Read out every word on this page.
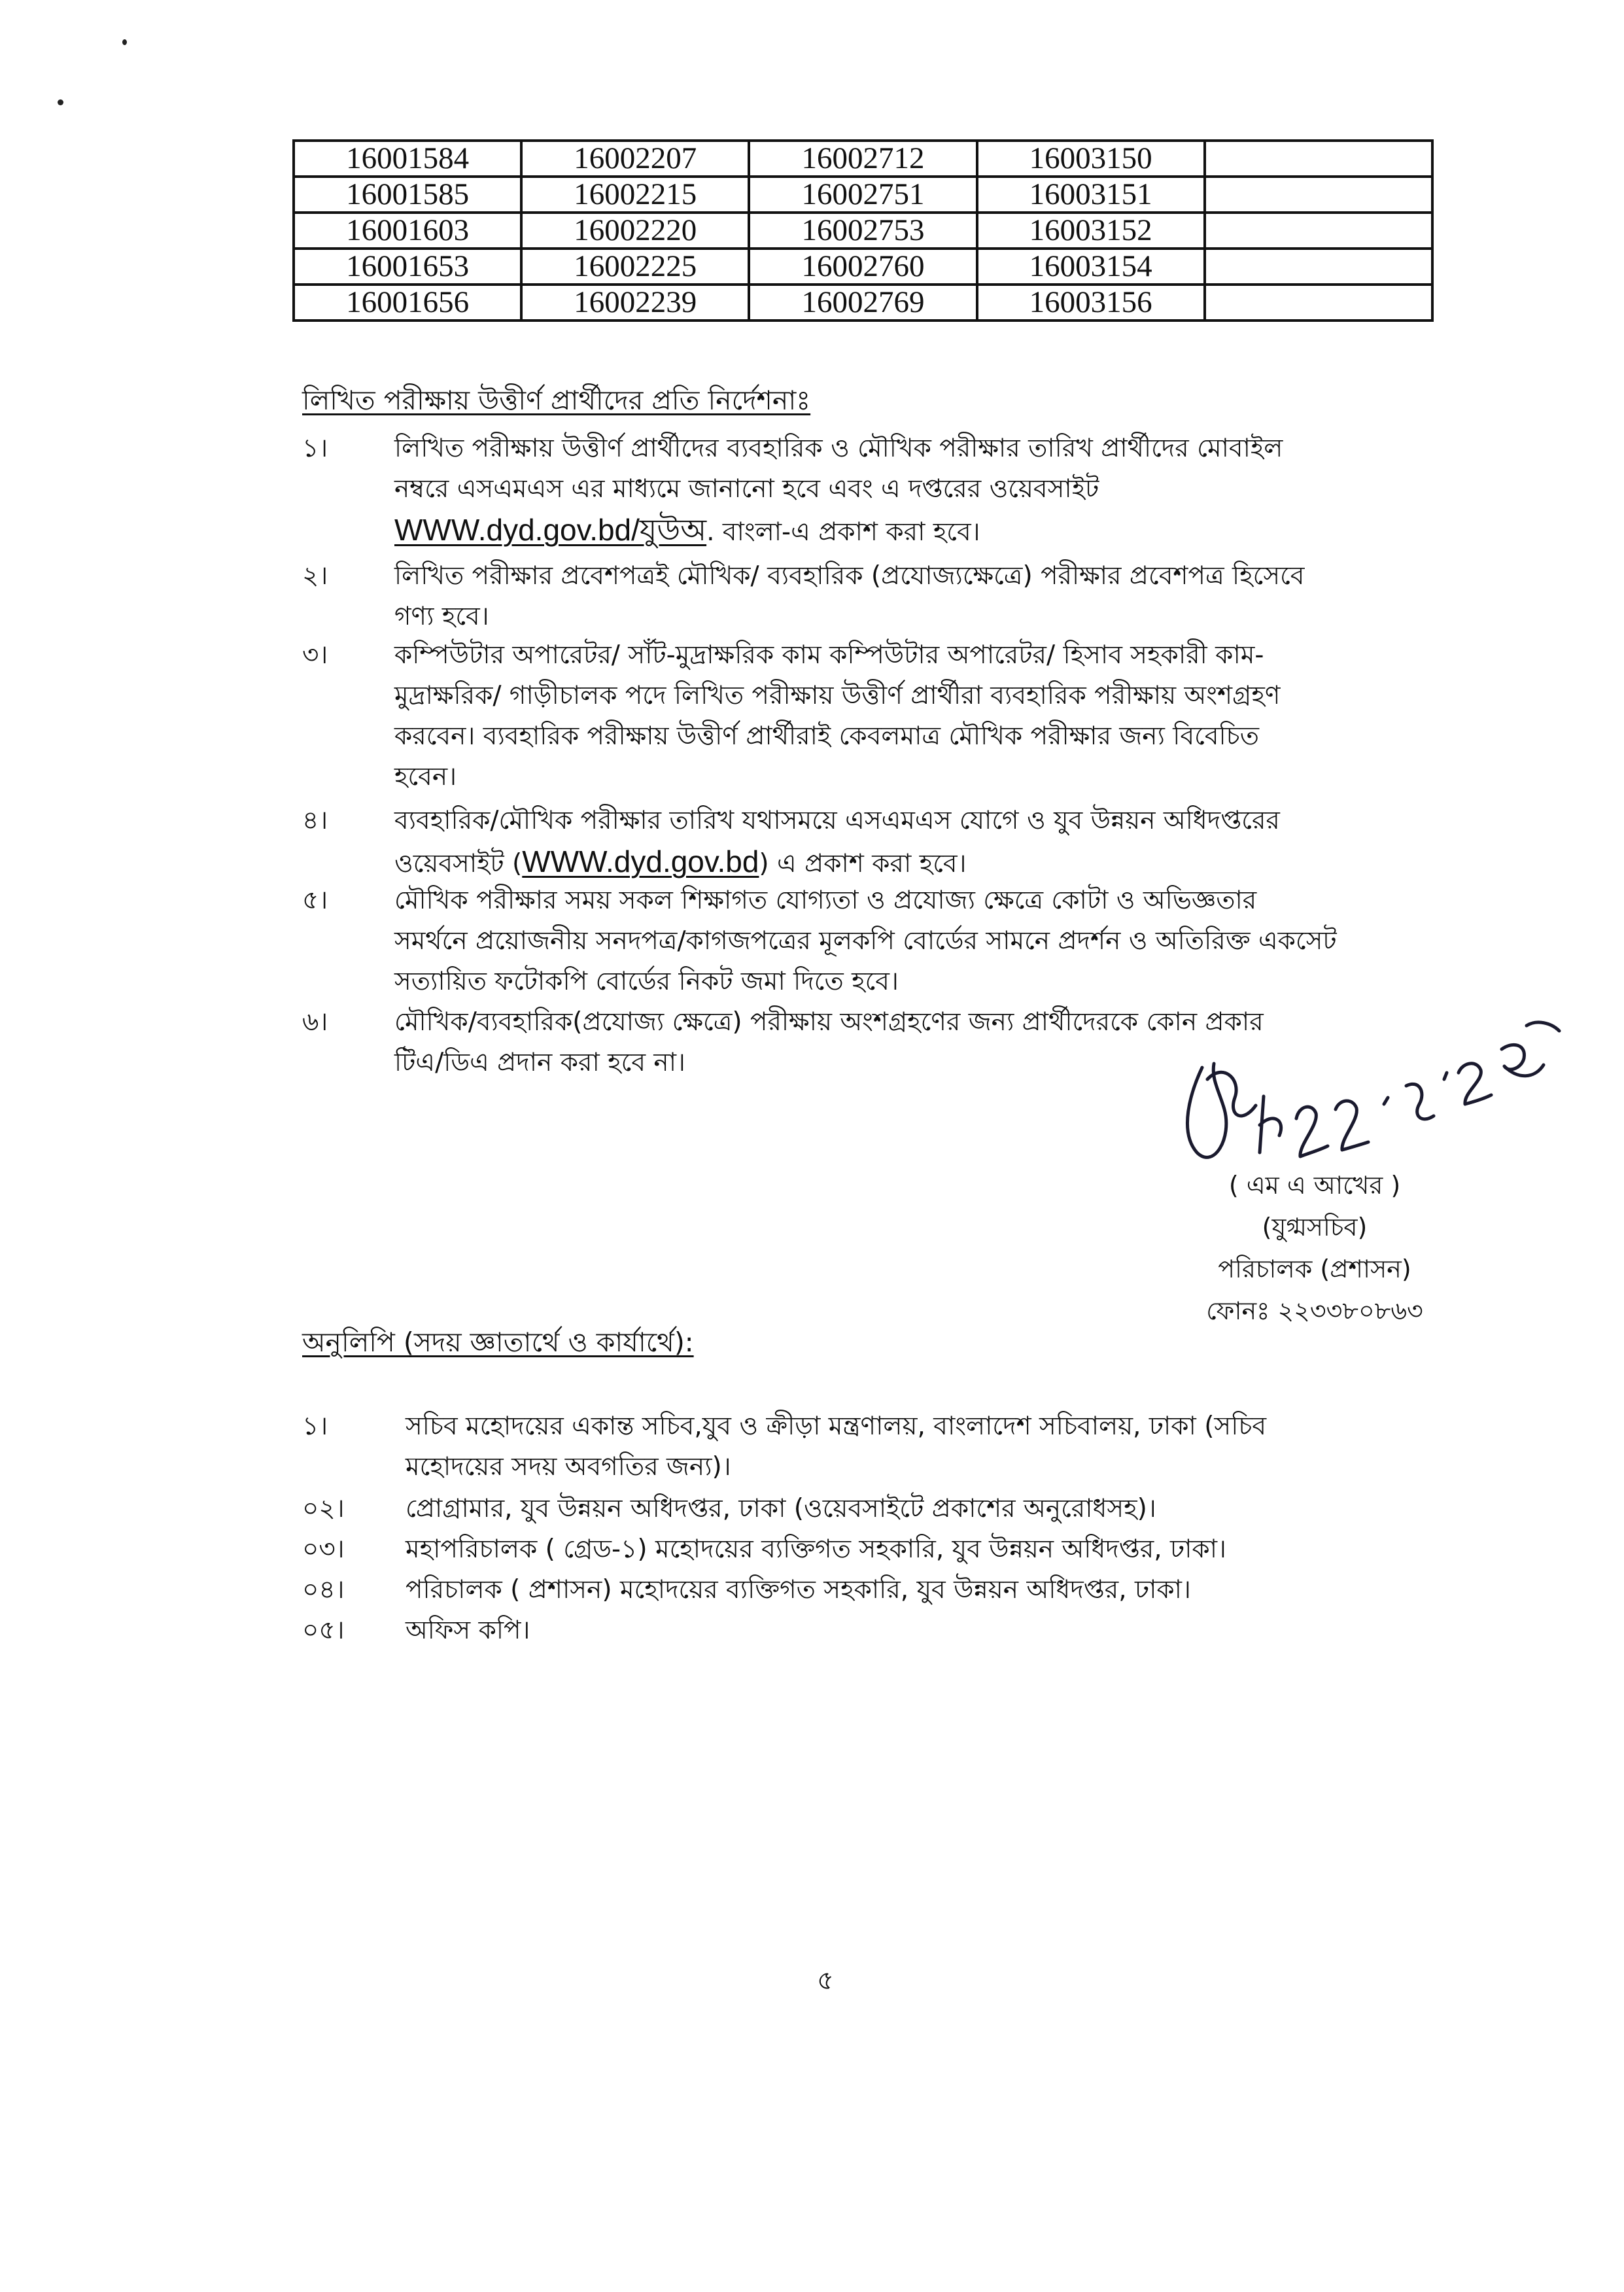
16001584	16002207	16002712	16003150	
16001585	16002215	16002751	16003151	
16001603	16002220	16002753	16003152	
16001653	16002225	16002760	16003154	
16001656	16002239	16002769	16003156	
লিখিত পরীক্ষায় উত্তীর্ণ প্রার্থীদের প্রতি নির্দেশনাঃ
১।	লিখিত পরীক্ষায় উত্তীর্ণ প্রার্থীদের ব্যবহারিক ও মৌখিক পরীক্ষার তারিখ প্রার্থীদের মোবাইল
নম্বরে এসএমএস এর মাধ্যমে জানানো হবে এবং এ দপ্তরের ওয়েবসাইট
WWW.dyd.gov.bd/যুউঅ. বাংলা-এ প্রকাশ করা হবে।
২।	লিখিত পরীক্ষার প্রবেশপত্রই মৌখিক/ ব্যবহারিক (প্রযোজ্যক্ষেত্রে) পরীক্ষার প্রবেশপত্র হিসেবে
গণ্য হবে।
৩।	কম্পিউটার অপারেটর/ সাঁট-মুদ্রাক্ষরিক কাম কম্পিউটার অপারেটর/ হিসাব সহকারী কাম-
মুদ্রাক্ষরিক/ গাড়ীচালক পদে লিখিত পরীক্ষায় উত্তীর্ণ প্রার্থীরা ব্যবহারিক পরীক্ষায় অংশগ্রহণ
করবেন। ব্যবহারিক পরীক্ষায় উত্তীর্ণ প্রার্থীরাই কেবলমাত্র মৌখিক পরীক্ষার জন্য বিবেচিত
হবেন।
৪।	ব্যবহারিক/মৌখিক পরীক্ষার তারিখ যথাসময়ে এসএমএস যোগে ও যুব উন্নয়ন অধিদপ্তরের
ওয়েবসাইট (WWW.dyd.gov.bd) এ প্রকাশ করা হবে।
৫।	মৌখিক পরীক্ষার সময় সকল শিক্ষাগত যোগ্যতা ও প্রযোজ্য ক্ষেত্রে কোটা ও অভিজ্ঞতার
সমর্থনে প্রয়োজনীয় সনদপত্র/কাগজপত্রের মূলকপি বোর্ডের সামনে প্রদর্শন ও অতিরিক্ত একসেট
সত্যায়িত ফটোকপি বোর্ডের নিকট জমা দিতে হবে।
৬।	মৌখিক/ব্যবহারিক(প্রযোজ্য ক্ষেত্রে) পরীক্ষায় অংশগ্রহণের জন্য প্রার্থীদেরকে কোন প্রকার
টিএ/ডিএ প্রদান করা হবে না।
( এম এ আখের )
(যুগ্মসচিব)
পরিচালক (প্রশাসন)
ফোনঃ ২২৩৩৮০৮৬৩
অনুলিপি (সদয় জ্ঞাতার্থে ও কার্যার্থে):
১।	সচিব মহোদয়ের একান্ত সচিব,যুব ও ক্রীড়া মন্ত্রণালয়, বাংলাদেশ সচিবালয়, ঢাকা (সচিব
মহোদয়ের সদয় অবগতির জন্য)।
০২।	প্রোগ্রামার, যুব উন্নয়ন অধিদপ্তর, ঢাকা (ওয়েবসাইটে প্রকাশের অনুরোধসহ)।
০৩।	মহাপরিচালক ( গ্রেড-১) মহোদয়ের ব্যক্তিগত সহকারি, যুব উন্নয়ন অধিদপ্তর, ঢাকা।
০৪।	পরিচালক ( প্রশাসন) মহোদয়ের ব্যক্তিগত সহকারি, যুব উন্নয়ন অধিদপ্তর, ঢাকা।
০৫।	অফিস কপি।
৫
